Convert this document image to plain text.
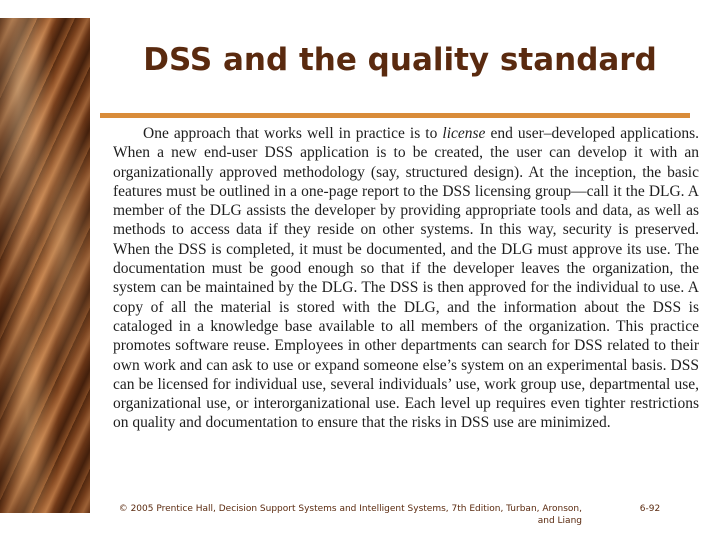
DSS and the quality standard

One approach that works well in practice is to license end user–developed applications. When a new end-user DSS application is to be created, the user can develop it with an organizationally approved methodology (say, structured design). At the inception, the basic features must be outlined in a one-page report to the DSS licensing group—call it the DLG. A member of the DLG assists the developer by providing appropriate tools and data, as well as methods to access data if they reside on other systems. In this way, security is preserved. When the DSS is completed, it must be documented, and the DLG must approve its use. The documentation must be good enough so that if the developer leaves the organization, the system can be maintained by the DLG. The DSS is then approved for the individual to use. A copy of all the material is stored with the DLG, and the information about the DSS is cataloged in a knowledge base available to all members of the organization. This practice promotes software reuse. Employees in other departments can search for DSS related to their own work and can ask to use or expand someone else’s system on an experimental basis. DSS can be licensed for individual use, several individuals’ use, work group use, departmental use, organizational use, or interorganizational use. Each level up requires even tighter restrictions on quality and documentation to ensure that the risks in DSS use are minimized.

© 2005 Prentice Hall, Decision Support Systems and Intelligent Systems, 7th Edition, Turban, Aronson, and Liang

6-92
